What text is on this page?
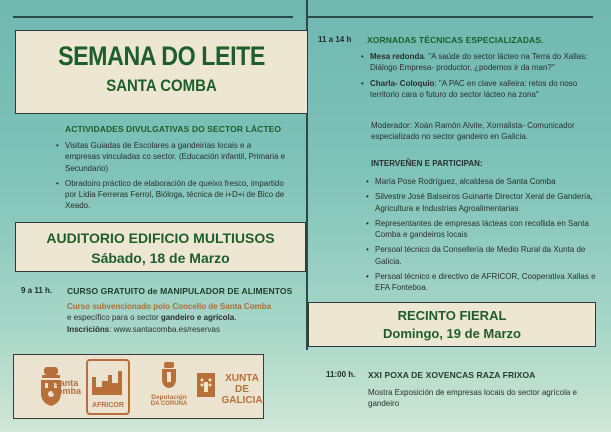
SEMANA DO LEITE
SANTA COMBA
ACTIVIDADES DIVULGATIVAS DO SECTOR LÁCTEO
• Visitas Guiadas de Escolares a gandeirías locais e a empresas vinculadas co sector. (Educación infantil, Primaria e Secundario)
• Obradoiro práctico de elaboración de queixo fresco, impartido por Lidia Ferreras Ferrol, Bióloga, técnica de i+D+i de Bico de Xeado.
AUDITORIO EDIFICIO MULTIUSOS
Sábado, 18 de Marzo
9 a 11 h. CURSO GRATUITO de MANIPULADOR DE ALIMENTOS
Curso subvencionado polo Concello de Santa Comba
e específico para o sector gandeiro e agrícola.
Inscricións: www.santacomba.es/reservas
santa comba
AFRICOR
Deputación
DA CORUÑA
XUNTA
DE GALICIA
11 a 14 h XORNADAS TÉCNICAS ESPECIALIZADAS.
• Mesa redonda. "A saúde do sector lácteo na Terra do Xallas: Diálogo Empresa- productor, ¿podemos ir da man?"
• Charla- Coloquio: "A PAC en clave xalleira: retos do noso territorio cara o futuro do sector lácteo na zona"
Moderador: Xoán Ramón Alvite, Xornalista- Comunicador especializado no sector gandeiro en Galicia.
INTERVEÑEN E PARTICIPAN:
• María Pose Rodríguez, alcaldesa de Santa Comba
• Silvestre José Balseiros Guinarte Director Xeral de Gandería, Agricultura e Industrias Agroalimentarias
• Representantes de empresas lácteas con recollida en Santa Comba e gandeiros locais
• Persoal técnico da Consellería de Medio Rural da Xunta de Galicia.
• Persoal técnico e directivo de AFRICOR, Cooperativa Xallas e EFA Fonteboa.
RECINTO FIERAL
Domingo, 19 de Marzo
11:00 h. XXI POXA DE XOVENCAS RAZA FRIXOA
Mostra Exposición de empresas locais do sector agrícola e gandeiro
